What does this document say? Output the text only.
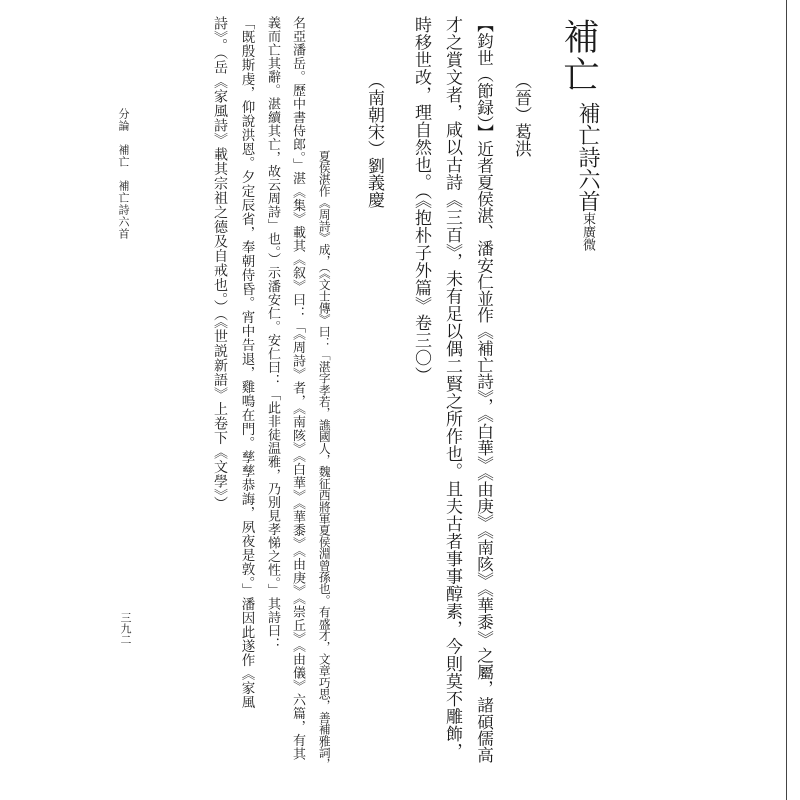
補亡
補亡詩六首束廣微
（晉）葛洪
【鈞世（節録）】近者夏侯湛、潘安仁並作《補亡詩》，《白華》《由庚》《南陔》《華黍》之屬，諸碩儒高
才之賞文者，咸以古詩《三百》，未有足以偶二賢之所作也。且夫古者事事醇素，今則莫不雕飾，
時移世改，理自然也。（《抱朴子外篇》卷三〇）
（南朝宋）劉義慶
夏侯湛作《周詩》成，（《文士傳》曰：「湛字孝若，譙國人，魏征西將軍夏侯淵曾孫也。有盛才，文章巧思，善補雅詞，
名亞潘岳。歷中書侍郎。」湛《集》載其《叙》曰：「《周詩》者，《南陔》《白華》《華黍》《由庚》《崇丘》《由儀》六篇，有其
義而亡其辭。湛續其亡，故云周詩」也。）示潘安仁。安仁曰：「此非徒温雅，乃別見孝悌之性。」其詩曰：
「既殷斯虔，仰說洪恩。夕定辰省，奉朝侍昏。宵中告退，雞鳴在門。孳孳恭誨，夙夜是敦。」潘因此遂作《家風
詩》。（岳《家風詩》載其宗祖之德及自戒也。）（《世説新語》上卷下《文學》）
分論　補亡　補亡詩六首
三九二
